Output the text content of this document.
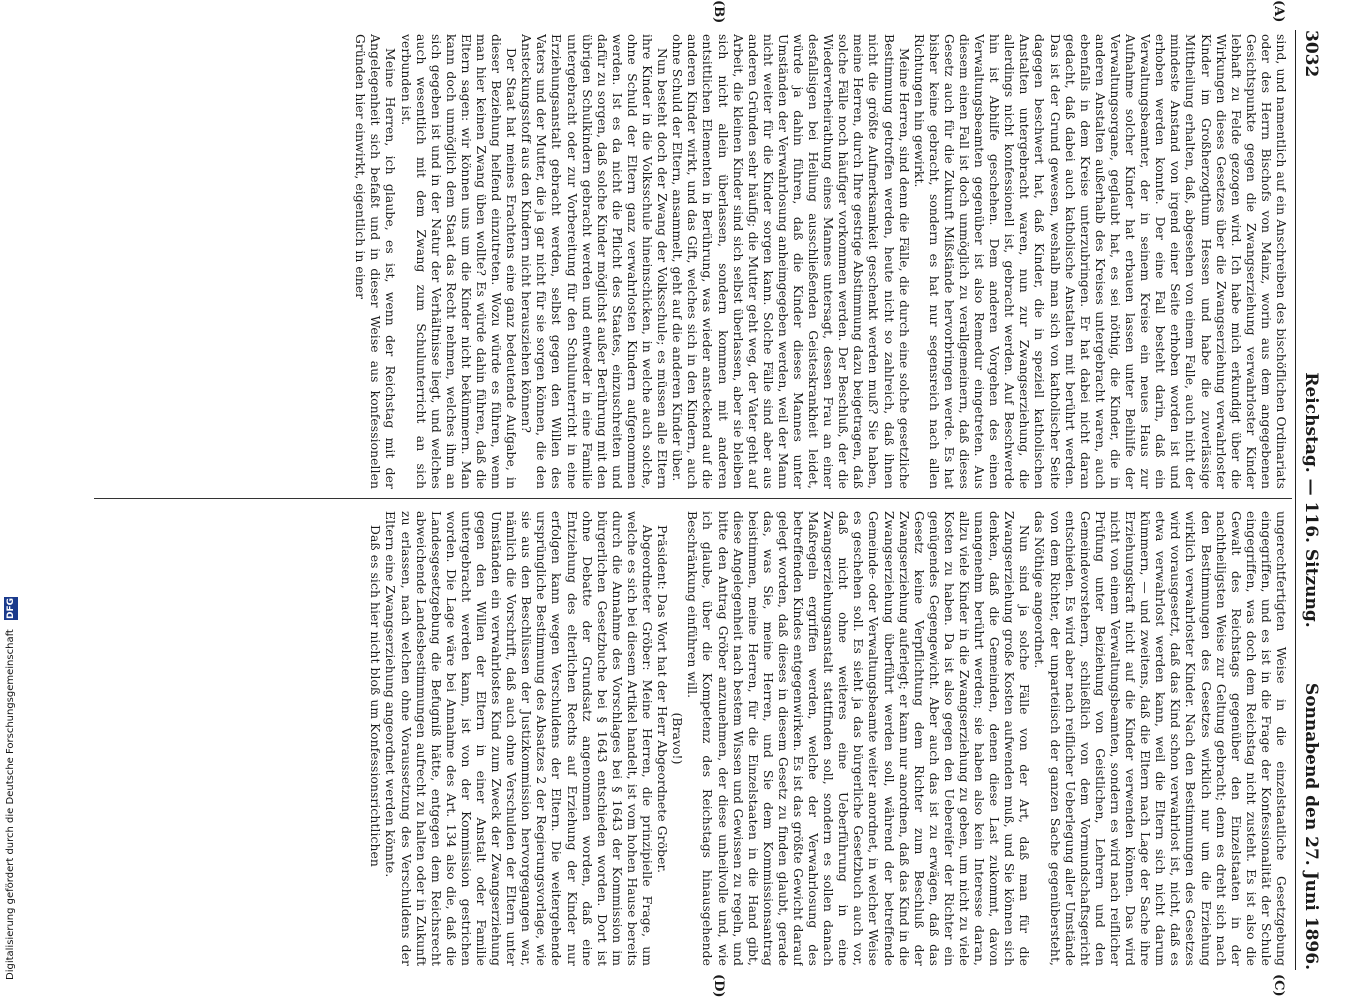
3032
Reichstag. — 116. Sitzung.
Sonnabend den 27. Juni 1896.

sind, und namentlich auf ein Anschreiben des bischöflichen Ordinariats oder des Herrn Bischofs von Mainz, worin aus dem angegebenen Gesichtspunkte gegen die Zwangserziehung verwahrloster Kinder lebhaft zu Felde gezogen wird. Ich habe mich erkundigt über die Wirkungen dieses Gesetzes über die Zwangserziehung verwahrloster Kinder im Großherzogthum Hessen und habe die zuverlässige Mittheilung erhalten, daß, abgesehen von einem Falle, auch nicht der mindeste Anstand von irgend einer Seite erhoben worden ist und erhoben werden konnte. Der eine Fall besteht darin, daß ein Verwaltungsbeamter, der in seinem Kreise ein neues Haus zur Aufnahme solcher Kinder hat erbauen lassen unter Beihilfe der Verwaltungsorgane, geglaubt hat, es sei nöthig, die Kinder, die in anderen Anstalten außerhalb des Kreises untergebracht waren, auch ebenfalls in dem Kreise unterzubringen. Er hat dabei nicht daran gedacht, daß dabei auch katholische Anstalten mit berührt werden. Das ist der Grund gewesen, weshalb man sich von katholischer Seite dagegen beschwert hat, daß Kinder, die in speziell katholischen Anstalten untergebracht waren, nun zur Zwangserziehung, die allerdings nicht konfessionell ist, gebracht werden. Auf Beschwerde hin ist Abhilfe geschehen. Dem anderen Vorgehen des einen Verwaltungsbeamten gegenüber ist also Remedur eingetreten. Aus diesem einen Fall ist doch unmöglich zu verallgemeinern, daß dieses Gesetz auch für die Zukunft Mißstände hervorbringen werde. Es hat bisher keine gebracht, sondern es hat nur segensreich nach allen Richtungen hin gewirkt.

Meine Herren, sind denn die Fälle, die durch eine solche gesetzliche Bestimmung getroffen werden, heute nicht so zahlreich, daß ihnen nicht die größte Aufmerksamkeit geschenkt werden muß? Sie haben, meine Herren, durch Ihre gestrige Abstimmung dazu beigetragen, daß solche Fälle noch häufiger vorkommen werden. Der Beschluß, der die Wiederverheirathung eines Mannes untersagt, dessen Frau an einer desfallsigen bei Heilung ausschließenden Geisteskrankheit leidet, würde ja dahin führen, daß die Kinder dieses Mannes unter Umständen der Verwahrlosung anheimgegeben werden, weil der Mann nicht weiter für die Kinder sorgen kann. Solche Fälle sind aber aus anderen Gründen sehr häufig; die Mutter geht weg, der Vater geht auf Arbeit, die kleinen Kinder sind sich selbst überlassen, aber sie bleiben sich nicht allein überlassen, sondern kommen mit anderen entsittlichen Elementen in Berührung, was wieder ansteckend auf die anderen Kinder wirkt, und das Gift, welches sich in den Kindern, auch ohne Schuld der Eltern, ansammelt, geht auf die anderen Kinder über.

Nun besteht doch der Zwang der Volksschule; es müssen alle Eltern ihre Kinder in die Volksschule hineinschicken, in welche auch solche, ohne Schuld der Eltern ganz verwahrlosten Kindern aufgenommen werden. Ist es da nicht die Pflicht des Staates, einzuschreiten und dafür zu sorgen, daß solche Kinder möglichst außer Berührung mit den übrigen Schulkindern gebracht werden und entweder in eine Familie untergebracht oder zur Vorbereitung für den Schulunterricht in eine Erziehungsanstalt gebracht werden, selbst gegen den Willen des Vaters und der Mutter, die ja gar nicht für sie sorgen können, die den Ansteckungsstoff aus den Kindern nicht herausziehen können?

Der Staat hat meines Erachtens eine ganz bedeutende Aufgabe, in dieser Beziehung helfend einzutreten. Wozu würde es führen, wenn man hier keinen Zwang üben wollte? Es würde dahin führen, daß die Eltern sagen: wir können uns um die Kinder nicht bekümmern. Man kann doch unmöglich dem Staat das Recht nehmen, welches ihm an sich gegeben ist und in der Natur der Verhältnisse liegt, und welches auch wesentlich mit dem Zwang zum Schulunterricht an sich verbunden ist.

Meine Herren, ich glaube, es ist, wenn der Reichstag mit der Angelegenheit sich befaßt und in dieser Weise aus konfessionellen Gründen hier einwirkt, eigentlich in einer

ungerechtfertigten Weise in die einzelstaatliche Gesetzgebung eingegriffen, und es ist in die Frage der Konfessionalität der Schule eingegriffen, was doch dem Reichstag nicht zusteht. Es ist also die Gewalt des Reichstags gegenüber den Einzelstaaten in der nachtheiligsten Weise zur Geltung gebracht; denn es dreht sich nach den Bestimmungen des Gesetzes wirklich nur um die Erziehung wirklich verwahrloster Kinder. Nach den Bestimmungen des Gesetzes wird vorausgesetzt, daß das Kind schon verwahrlost ist, nicht, daß es etwa verwahrlost werden kann, weil die Eltern sich nicht darum kümmern, — und zweitens, daß die Eltern nach Lage der Sache ihre Erziehungskraft nicht auf die Kinder verwenden können. Das wird nicht von einem Verwaltungsbeamten, sondern es wird nach reiflicher Prüfung unter Beiziehung von Geistlichen, Lehrern und den Gemeindevorstehern, schließlich von dem Vormundschaftsgericht entschieden. Es wird aber nach reiflicher Ueberlegung aller Umstände von dem Richter, der unparteiisch der ganzen Sache gegenübersteht, das Nöthige angeordnet.

Nun sind ja solche Fälle von der Art, daß man für die Zwangserziehung große Kosten aufwenden muß, und Sie können sich denken, daß die Gemeinden, denen diese Last zukommt, davon unangenehm berührt werden; sie haben also kein Interesse daran, allzu viele Kinder in die Zwangserziehung zu geben, um nicht zu viele Kosten zu haben. Da ist also gegen den Uebereifer der Richter ein genügendes Gegengewicht. Aber auch das ist zu erwägen, daß das Gesetz keine Verpflichtung dem Richter zum Beschluß der Zwangserziehung auferlegt; er kann nur anordnen, daß das Kind in die Zwangserziehung überführt werden soll, während der betreffende Gemeinde- oder Verwaltungsbeamte weiter anordnet, in welcher Weise es geschehen soll. Es sieht ja das bürgerliche Gesetzbuch auch vor, daß nicht ohne weiteres eine Ueberführung in eine Zwangserziehungsanstalt stattfinden soll, sondern es sollen danach Maßregeln ergriffen werden, welche der Verwahrlosung des betreffenden Kindes entgegenwirken. Es ist das größte Gewicht darauf gelegt worden, daß dieses in diesem Gesetz zu finden glaubt, gerade das, was Sie, meine Herren, und Sie dem Kommissionsantrag beistimmen, meine Herren, für die Einzelstaaten in die Hand gibt, diese Angelegenheit nach bestem Wissen und Gewissen zu regeln, und bitte den Antrag Gröber anzunehmen, der diese unheilvolle und, wie ich glaube, über die Kompetenz des Reichstags hinausgehende Beschränkung einführen will.

(Bravo!)

Präsident: Das Wort hat der Herr Abgeordnete Gröber.

Abgeordneter Gröber: Meine Herren, die prinzipielle Frage, um welche es sich bei diesem Artikel handelt, ist vom hohen Hause bereits durch die Annahme des Vorschlages bei § 1643 der Kommission im bürgerlichen Gesetzbuche bei § 1643 entschieden worden. Dort ist ohne Debatte der Grundsatz angenommen worden, daß eine Entziehung des elterlichen Rechts auf Erziehung der Kinder nur erfolgen kann wegen Verschuldens der Eltern. Die weitergehende ursprüngliche Bestimmung des Absatzes 2 der Regierungsvorlage, wie sie aus den Beschlüssen der Justizkommission hervorgegangen war, nämlich die Vorschrift, daß auch ohne Verschulden der Eltern unter Umständen ein verwahrlostes Kind zum Zweck der Zwangserziehung gegen den Willen der Eltern in einer Anstalt oder Familie untergebracht werden kann, ist von der Kommission gestrichen worden. Die Lage wäre bei Annahme des Art. 134 also die, daß die Landesgesetzgebung die Befugniß hätte, entgegen dem Reichsrecht abweichende Landesbestimmungen aufrecht zu halten oder in Zukunft zu erlassen, nach welchen ohne Voraussetzung des Verschuldens der Eltern eine Zwangserziehung angeordnet werden könnte.

Daß es sich hier nicht bloß um Konfessionsrichtlichen

(A)
(B)
(C)
(D)
Digitalisierung gefördert durch die Deutsche Forschungsgemeinschaft DFG
